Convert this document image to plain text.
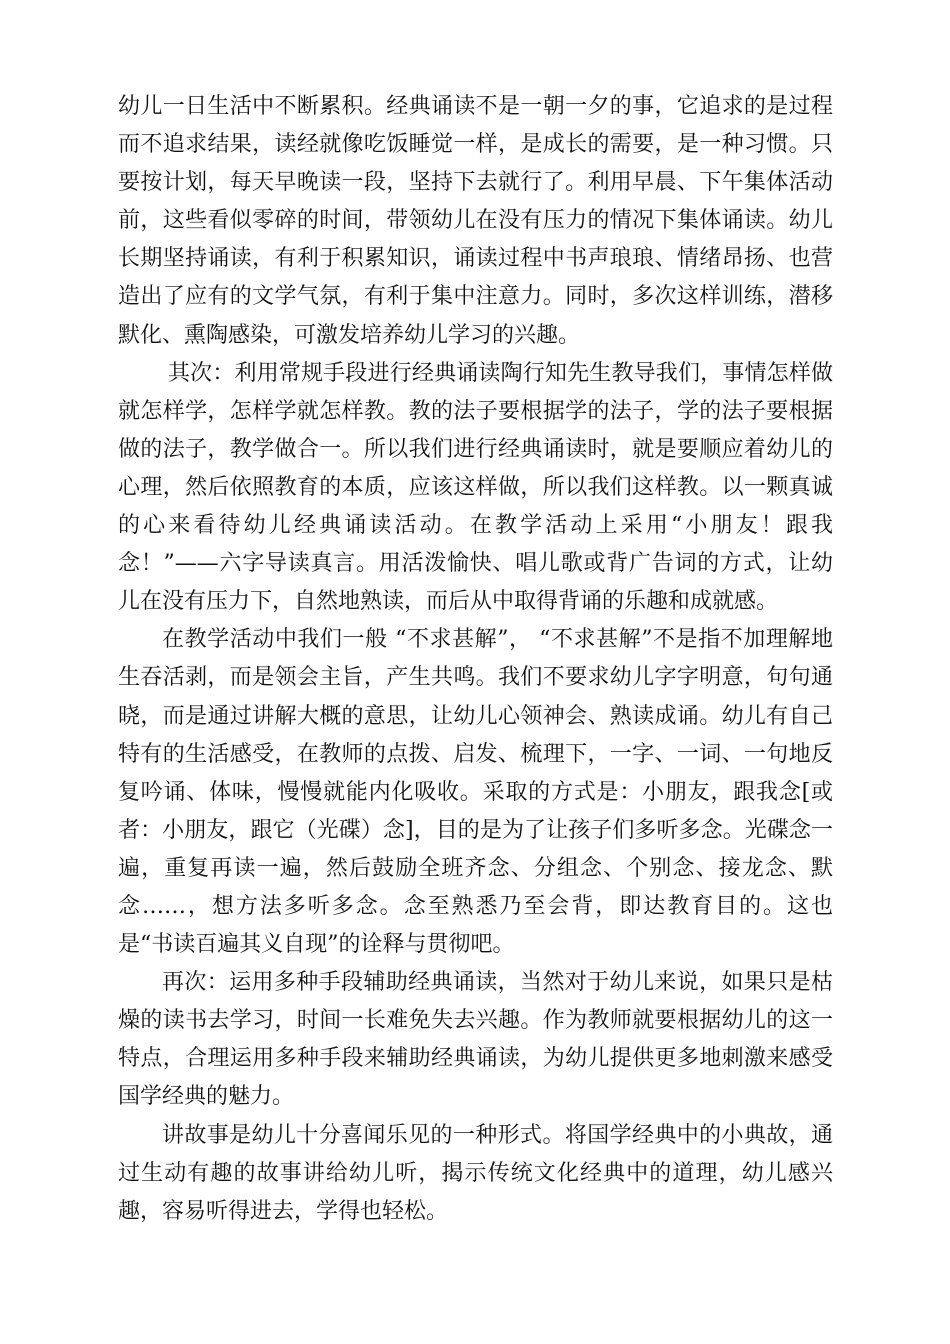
幼儿一日生活中不断累积。经典诵读不是一朝一夕的事，它追求的是过程而不追求结果，读经就像吃饭睡觉一样，是成长的需要，是一种习惯。只要按计划，每天早晚读一段，坚持下去就行了。利用早晨、下午集体活动前，这些看似零碎的时间，带领幼儿在没有压力的情况下集体诵读。幼儿长期坚持诵读，有利于积累知识，诵读过程中书声琅琅、情绪昂扬、也营造出了应有的文学气氛，有利于集中注意力。同时，多次这样训练，潜移默化、熏陶感染，可激发培养幼儿学习的兴趣。

其次：利用常规手段进行经典诵读陶行知先生教导我们，事情怎样做就怎样学，怎样学就怎样教。教的法子要根据学的法子，学的法子要根据做的法子，教学做合一。所以我们进行经典诵读时，就是要顺应着幼儿的心理，然后依照教育的本质，应该这样做，所以我们这样教。以一颗真诚的心来看待幼儿经典诵读活动。在教学活动上采用“小朋友！跟我念！”——六字导读真言。用活泼愉快、唱儿歌或背广告词的方式，让幼儿在没有压力下，自然地熟读，而后从中取得背诵的乐趣和成就感。

在教学活动中我们一般 “不求甚解”， “不求甚解”不是指不加理解地生吞活剥，而是领会主旨，产生共鸣。我们不要求幼儿字字明意，句句通晓，而是通过讲解大概的意思，让幼儿心领神会、熟读成诵。幼儿有自己特有的生活感受，在教师的点拨、启发、梳理下，一字、一词、一句地反复吟诵、体味，慢慢就能内化吸收。采取的方式是：小朋友，跟我念[或者：小朋友，跟它（光碟）念]，目的是为了让孩子们多听多念。光碟念一遍，重复再读一遍，然后鼓励全班齐念、分组念、个别念、接龙念、默念……，想方法多听多念。念至熟悉乃至会背，即达教育目的。这也是“书读百遍其义自现”的诠释与贯彻吧。

再次：运用多种手段辅助经典诵读，当然对于幼儿来说，如果只是枯燥的读书去学习，时间一长难免失去兴趣。作为教师就要根据幼儿的这一特点，合理运用多种手段来辅助经典诵读，为幼儿提供更多地刺激来感受国学经典的魅力。

讲故事是幼儿十分喜闻乐见的一种形式。将国学经典中的小典故，通过生动有趣的故事讲给幼儿听，揭示传统文化经典中的道理，幼儿感兴趣，容易听得进去，学得也轻松。
